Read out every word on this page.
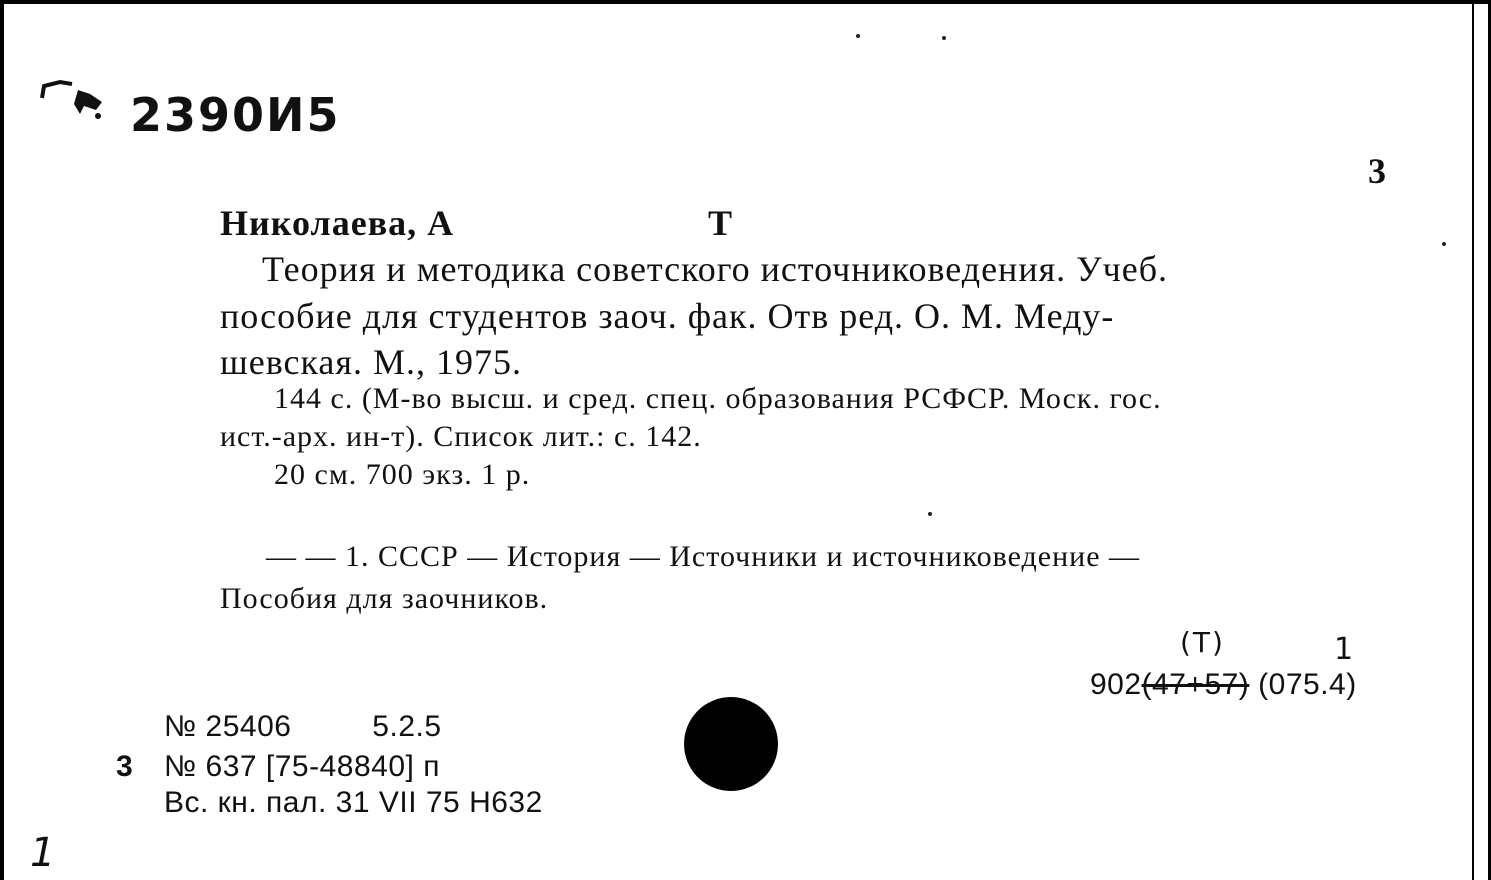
2390И5
3
Николаева, А	Т
Теория и методика советского источниковедения. Учеб.
пособие для студентов заоч. фак. Отв ред. О. М. Меду-
шевская. М., 1975.
144 с. (М-во высш. и сред. спец. образования РСФСР. Моск. гос.
ист.-арх. ин-т). Список лит.: с. 142.
20 см. 700 экз. 1 р.
— — 1. СССР — История — Источники и источниковедение —
Пособия для заочников.
(Т)	1
902(47+57) (075.4)
№ 25406	5.2.5
3 № 637 [75-48840] п
Вс. кн. пал. 31 VII 75 Н632
1
